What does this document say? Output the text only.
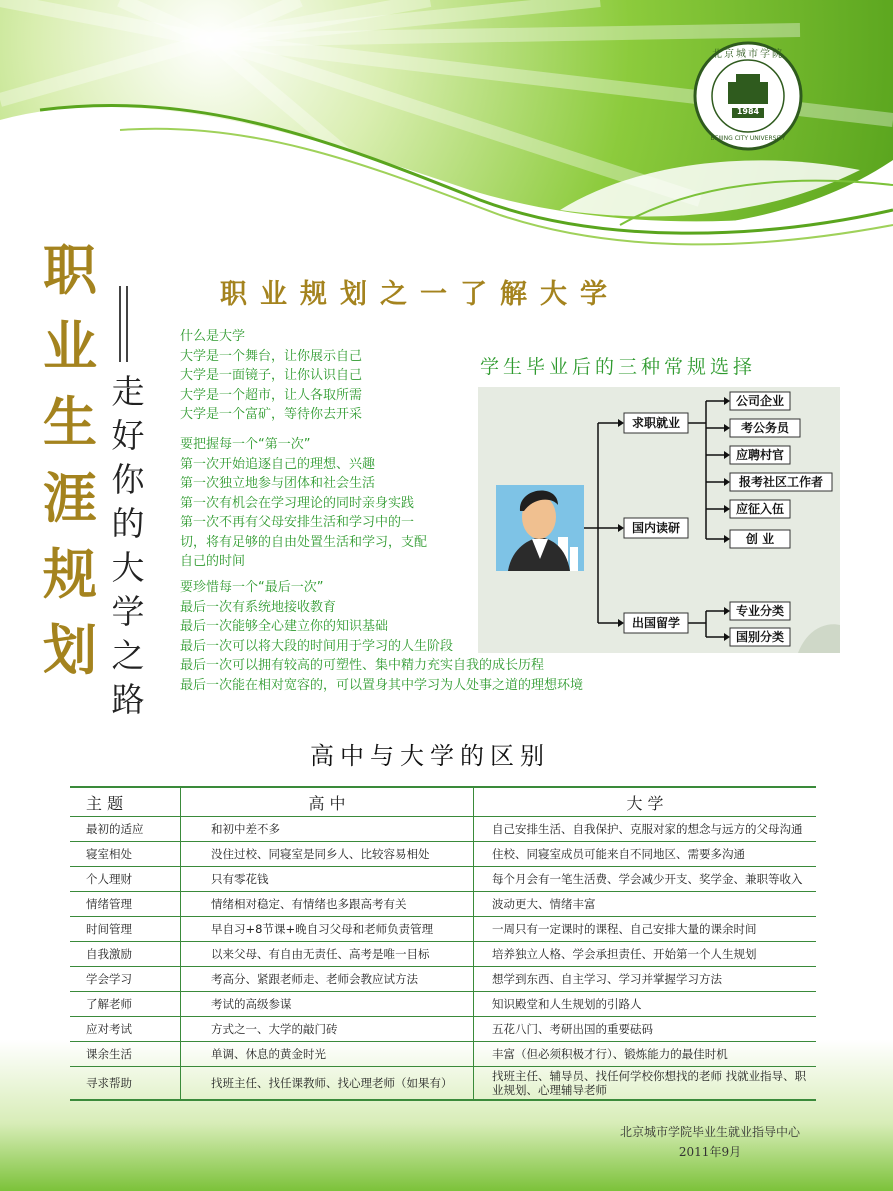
1984
北京城市学院
BEIJING CITY UNIVERSITY
职
业
生
涯
规
划
走
好
你
的
大
学
之
路
职业规划之一了解大学
什么是大学
大学是一个舞台，让你展示自己
大学是一面镜子，让你认识自己
大学是一个超市，让人各取所需
大学是一个富矿，等待你去开采
要把握每一个“第一次”
第一次开始追逐自己的理想、兴趣
第一次独立地参与团体和社会生活
第一次有机会在学习理论的同时亲身实践
第一次不再有父母安排生活和学习中的一
切，将有足够的自由处置生活和学习，支配
自己的时间
要珍惜每一个“最后一次”
最后一次有系统地接收教育
最后一次能够全心建立你的知识基础
最后一次可以将大段的时间用于学习的人生阶段
最后一次可以拥有较高的可塑性、集中精力充实自我的成长历程
最后一次能在相对宽容的，可以置身其中学习为人处事之道的理想环境
学生毕业后的三种常规选择
求职就业
国内读研
出国留学
公司企业
考公务员
应聘村官
报考社区工作者
应征入伍
创 业
专业分类
国别分类
高中与大学的区别
主 题	高 中	大 学
最初的适应	和初中差不多	自己安排生活、自我保护、克服对家的想念与远方的父母沟通
寝室相处	没住过校、同寝室是同乡人、比较容易相处	住校、同寝室成员可能来自不同地区、需要多沟通
个人理财	只有零花钱	每个月会有一笔生活费、学会减少开支、奖学金、兼职等收入
情绪管理	情绪相对稳定、有情绪也多跟高考有关	波动更大、情绪丰富
时间管理	早自习+8节课+晚自习父母和老师负责管理	一周只有一定课时的课程、自己安排大量的课余时间
自我激励	以来父母、有自由无责任、高考是唯一目标	培养独立人格、学会承担责任、开始第一个人生规划
学会学习	考高分、紧跟老师走、老师会教应试方法	想学到东西、自主学习、学习并掌握学习方法
了解老师	考试的高级参谋	知识殿堂和人生规划的引路人
应对考试	方式之一、大学的敲门砖	五花八门、考研出国的重要砝码
课余生活	单调、休息的黄金时光	丰富（但必须积极才行）、锻炼能力的最佳时机
寻求帮助	找班主任、找任课教师、找心理老师（如果有）	找班主任、辅导员、找任何学校你想找的老师 找就业指导、职业规划、心理辅导老师
北京城市学院毕业生就业指导中心
2011年9月
